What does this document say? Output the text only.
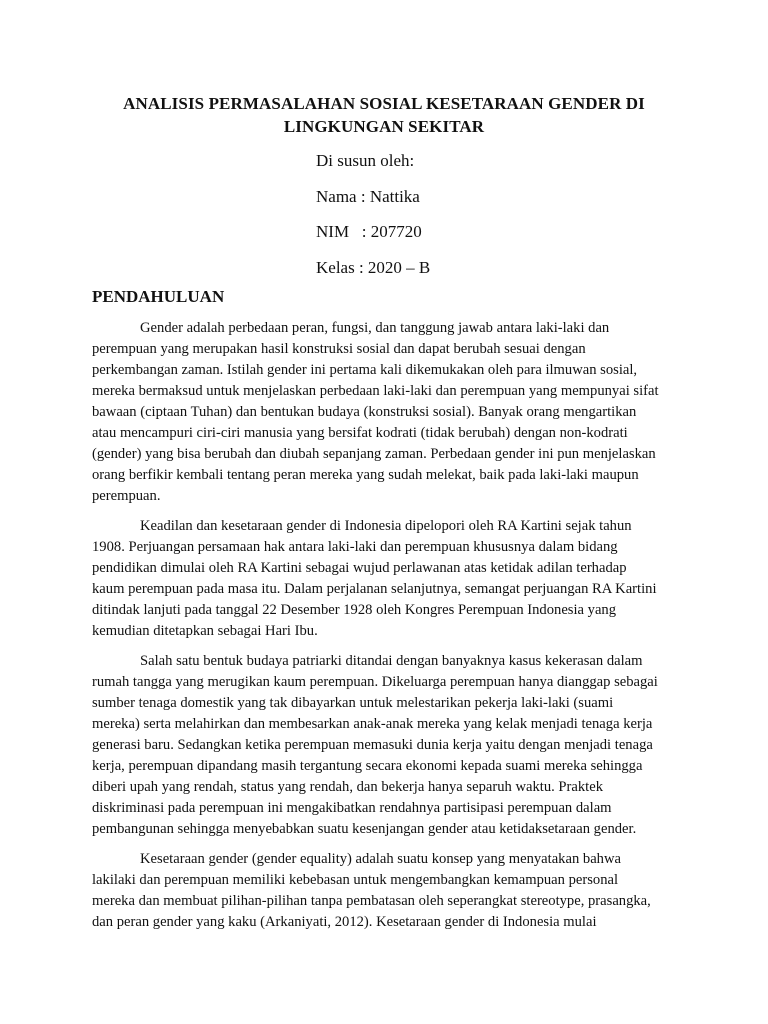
ANALISIS PERMASALAHAN SOSIAL KESETARAAN GENDER DI
LINGKUNGAN SEKITAR
Di susun oleh:
Nama : Nattika
NIM   : 207720
Kelas : 2020 – B
PENDAHULUAN
Gender adalah perbedaan peran, fungsi, dan tanggung jawab antara laki-laki dan
perempuan yang merupakan hasil konstruksi sosial dan dapat berubah sesuai dengan
perkembangan zaman. Istilah gender ini pertama kali dikemukakan oleh para ilmuwan sosial,
mereka bermaksud untuk menjelaskan perbedaan laki-laki dan perempuan yang mempunyai sifat
bawaan (ciptaan Tuhan) dan bentukan budaya (konstruksi sosial). Banyak orang mengartikan
atau mencampuri ciri-ciri manusia yang bersifat kodrati (tidak berubah) dengan non-kodrati
(gender) yang bisa berubah dan diubah sepanjang zaman. Perbedaan gender ini pun menjelaskan
orang berfikir kembali tentang peran mereka yang sudah melekat, baik pada laki-laki maupun
perempuan.
Keadilan dan kesetaraan gender di Indonesia dipelopori oleh RA Kartini sejak tahun
1908. Perjuangan persamaan hak antara laki-laki dan perempuan khususnya dalam bidang
pendidikan dimulai oleh RA Kartini sebagai wujud perlawanan atas ketidak adilan terhadap
kaum perempuan pada masa itu. Dalam perjalanan selanjutnya, semangat perjuangan RA Kartini
ditindak lanjuti pada tanggal 22 Desember 1928 oleh Kongres Perempuan Indonesia yang
kemudian ditetapkan sebagai Hari Ibu.
Salah satu bentuk budaya patriarki ditandai dengan banyaknya kasus kekerasan dalam
rumah tangga yang merugikan kaum perempuan. Dikeluarga perempuan hanya dianggap sebagai
sumber tenaga domestik yang tak dibayarkan untuk melestarikan pekerja laki-laki (suami
mereka) serta melahirkan dan membesarkan anak-anak mereka yang kelak menjadi tenaga kerja
generasi baru. Sedangkan ketika perempuan memasuki dunia kerja yaitu dengan menjadi tenaga
kerja, perempuan dipandang masih tergantung secara ekonomi kepada suami mereka sehingga
diberi upah yang rendah, status yang rendah, dan bekerja hanya separuh waktu. Praktek
diskriminasi pada perempuan ini mengakibatkan rendahnya partisipasi perempuan dalam
pembangunan sehingga menyebabkan suatu kesenjangan gender atau ketidaksetaraan gender.
Kesetaraan gender (gender equality) adalah suatu konsep yang menyatakan bahwa
lakilaki dan perempuan memiliki kebebasan untuk mengembangkan kemampuan personal
mereka dan membuat pilihan-pilihan tanpa pembatasan oleh seperangkat stereotype, prasangka,
dan peran gender yang kaku (Arkaniyati, 2012). Kesetaraan gender di Indonesia mulai
